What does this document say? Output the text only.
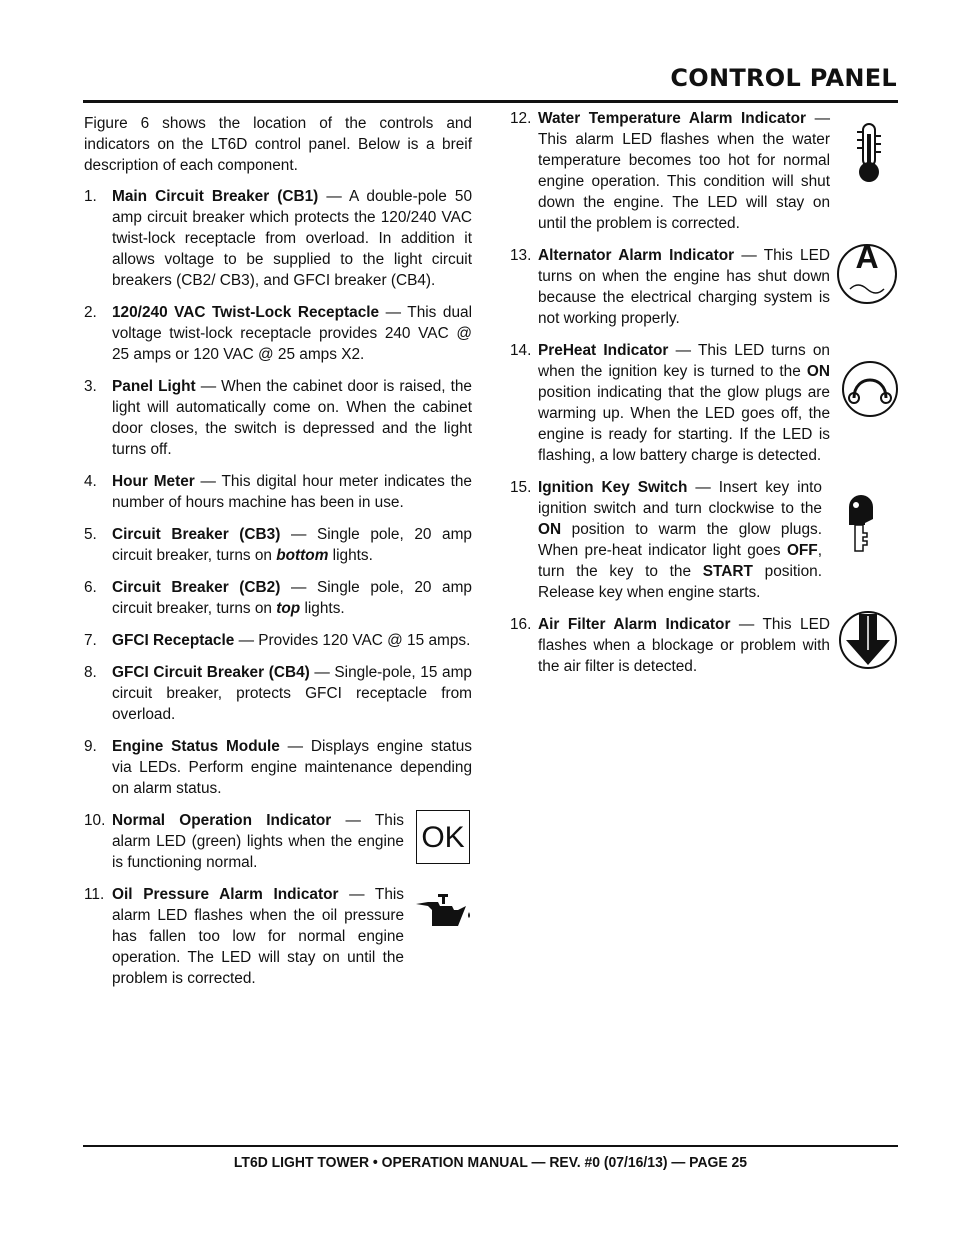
CONTROL PANEL

Figure 6 shows the location of the controls and indicators on the LT6D control panel. Below is a breif description of each component.

1. Main Circuit Breaker (CB1) — A double-pole 50 amp circuit breaker which protects the 120/240 VAC twist-lock receptacle from overload. In addition it allows voltage to be supplied to the light circuit breakers (CB2/ CB3), and GFCI breaker (CB4).
2. 120/240 VAC Twist-Lock Receptacle — This dual voltage twist-lock receptacle provides 240 VAC @ 25 amps or 120 VAC @ 25 amps X2.
3. Panel Light — When the cabinet door is raised, the light will automatically come on. When the cabinet door closes, the switch is depressed and the light turns off.
4. Hour Meter — This digital hour meter indicates the number of hours machine has been in use.
5. Circuit Breaker (CB3) — Single pole, 20 amp circuit breaker, turns on bottom lights.
6. Circuit Breaker (CB2) — Single pole, 20 amp circuit breaker, turns on top lights.
7. GFCI Receptacle — Provides 120 VAC @ 15 amps.
8. GFCI Circuit Breaker (CB4) — Single-pole, 15 amp circuit breaker, protects GFCI receptacle from overload.
9. Engine Status Module — Displays engine status via LEDs. Perform engine maintenance depending on alarm status.
10. Normal Operation Indicator — This alarm LED (green) lights when the engine is functioning normal.
OK
11. Oil Pressure Alarm Indicator — This alarm LED flashes when the oil pressure has fallen too low for normal engine operation. The LED will stay on until the problem is corrected.
12. Water Temperature Alarm Indicator — This alarm LED flashes when the water temperature becomes too hot for normal engine operation. This condition will shut down the engine. The LED will stay on until the problem is corrected.
13. Alternator Alarm Indicator — This LED turns on when the engine has shut down because the electrical charging system is not working properly.
A
14. PreHeat Indicator — This LED turns on when the ignition key is turned to the ON position indicating that the glow plugs are warming up. When the LED goes off, the engine is ready for starting. If the LED is flashing, a low battery charge is detected.
15. Ignition Key Switch — Insert key into ignition switch and turn clockwise to the ON position to warm the glow plugs. When pre-heat indicator light goes OFF, turn the key to the START position. Release key when engine starts.
16. Air Filter Alarm Indicator — This LED flashes when a blockage or problem with the air filter is detected.
LT6D LIGHT TOWER • OPERATION MANUAL — REV. #0 (07/16/13) — PAGE 25
